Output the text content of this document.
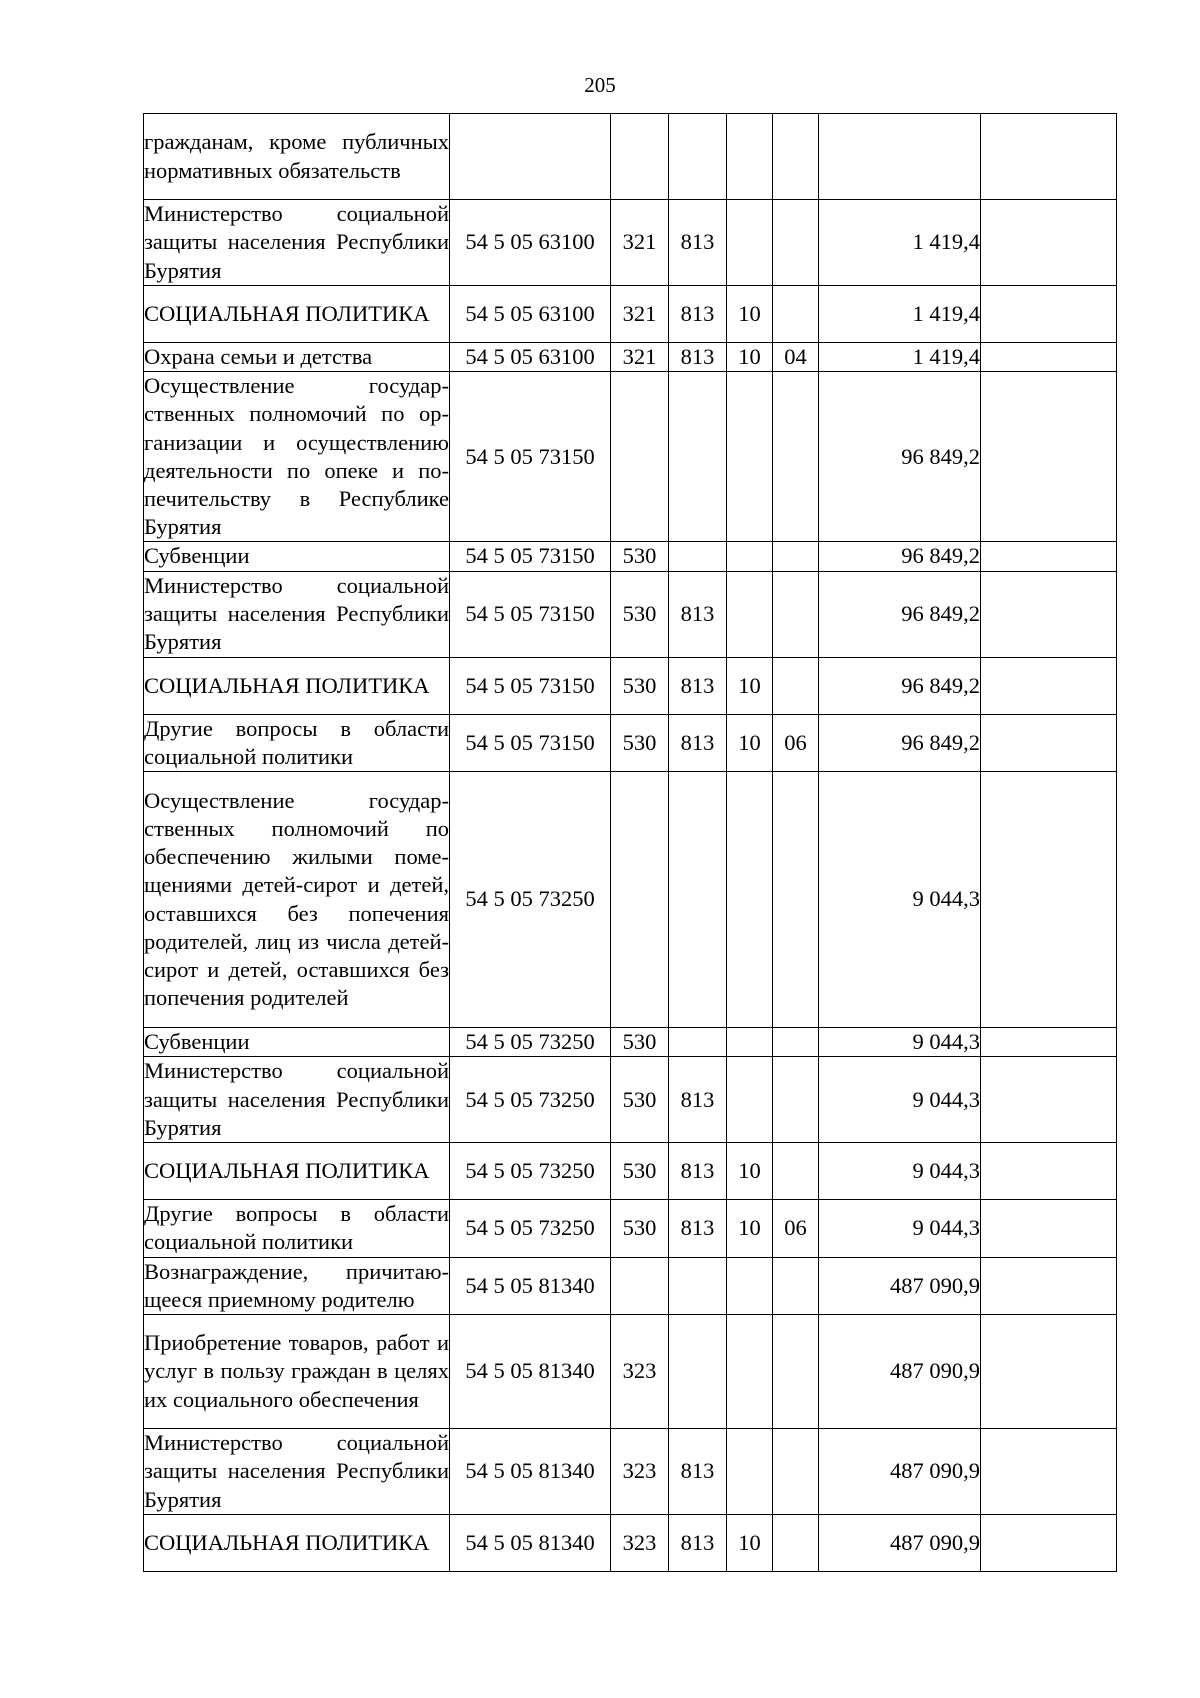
205
гражданам, кроме публичных нормативных обязательств							
Министерство социальной защиты населения Республики Бурятия	54 5 05 63100	321	813			1 419,4	
СОЦИАЛЬНАЯ ПОЛИТИКА	54 5 05 63100	321	813	10		1 419,4	
Охрана семьи и детства	54 5 05 63100	321	813	10	04	1 419,4	
Осуществление государственных полномочий по организации и осуществлению деятельности по опеке и попечительству в Республике Бурятия	54 5 05 73150					96 849,2	
Субвенции	54 5 05 73150	530				96 849,2	
Министерство социальной защиты населения Республики Бурятия	54 5 05 73150	530	813			96 849,2	
СОЦИАЛЬНАЯ ПОЛИТИКА	54 5 05 73150	530	813	10		96 849,2	
Другие вопросы в области социальной политики	54 5 05 73150	530	813	10	06	96 849,2	
Осуществление государственных полномочий по обеспечению жилыми помещениями детей-сирот и детей, оставшихся без попечения родителей, лиц из числа детей-сирот и детей, оставшихся без попечения родителей	54 5 05 73250					9 044,3	
Субвенции	54 5 05 73250	530				9 044,3	
Министерство социальной защиты населения Республики Бурятия	54 5 05 73250	530	813			9 044,3	
СОЦИАЛЬНАЯ ПОЛИТИКА	54 5 05 73250	530	813	10		9 044,3	
Другие вопросы в области социальной политики	54 5 05 73250	530	813	10	06	9 044,3	
Вознаграждение, причитающееся приемному родителю	54 5 05 81340					487 090,9	
Приобретение товаров, работ и услуг в пользу граждан в целях их социального обеспечения	54 5 05 81340	323				487 090,9	
Министерство социальной защиты населения Республики Бурятия	54 5 05 81340	323	813			487 090,9	
СОЦИАЛЬНАЯ ПОЛИТИКА	54 5 05 81340	323	813	10		487 090,9	
